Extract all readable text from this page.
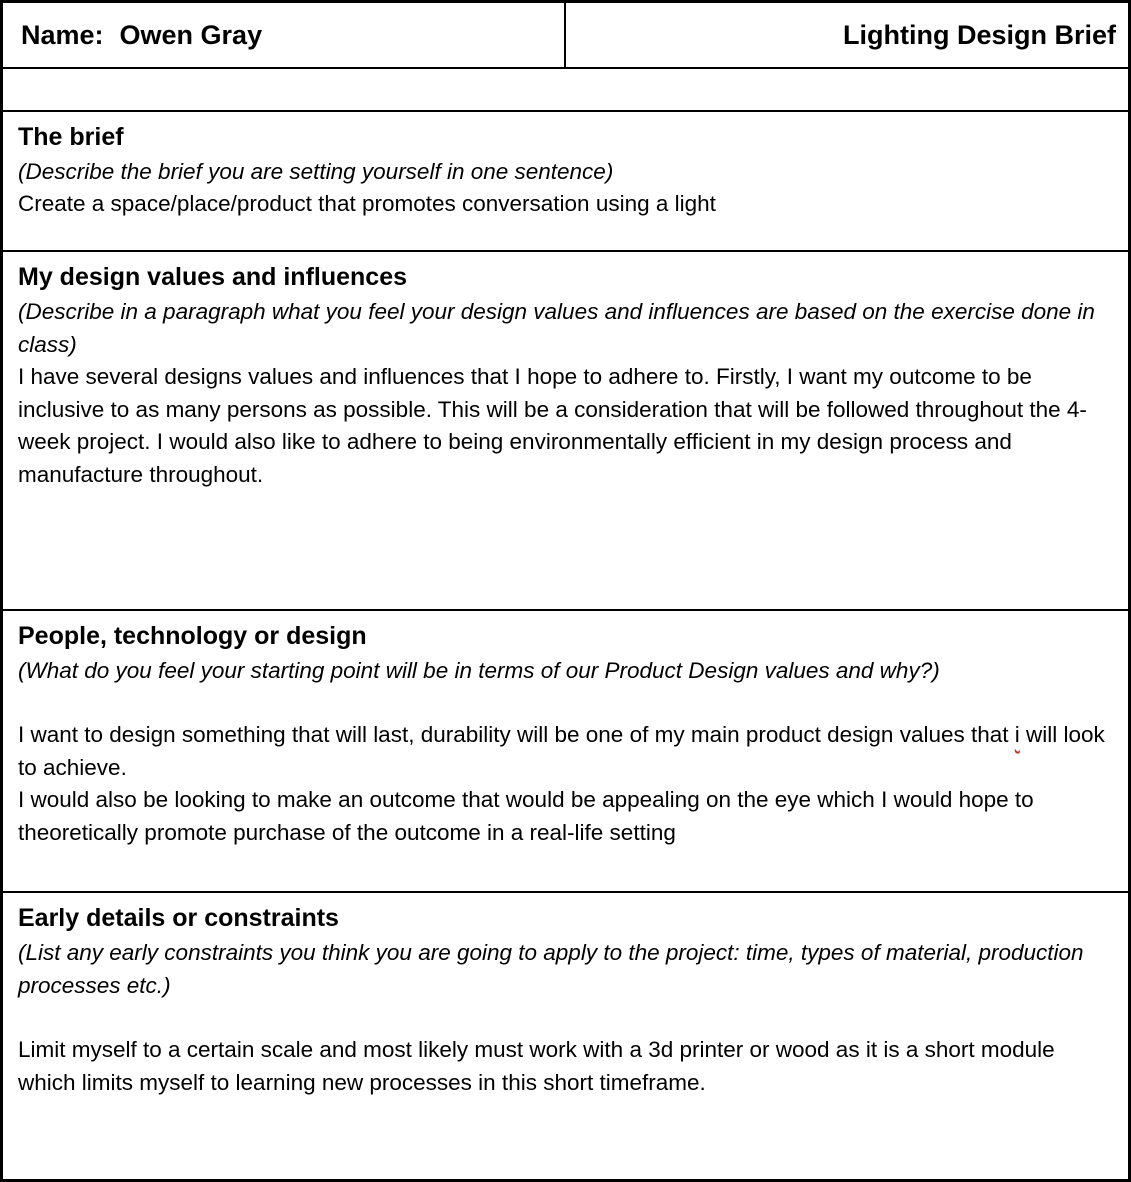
Name: Owen Gray	Lighting Design Brief
The brief
(Describe the brief you are setting yourself in one sentence)
Create a space/place/product that promotes conversation using a light
My design values and influences
(Describe in a paragraph what you feel your design values and influences are based on the exercise done in class)
I have several designs values and influences that I hope to adhere to. Firstly, I want my outcome to be inclusive to as many persons as possible. This will be a consideration that will be followed throughout the 4-week project. I would also like to adhere to being environmentally efficient in my design process and manufacture throughout.
People, technology or design
(What do you feel your starting point will be in terms of our Product Design values and why?)
I want to design something that will last, durability will be one of my main product design values that i will look to achieve.
I would also be looking to make an outcome that would be appealing on the eye which I would hope to theoretically promote purchase of the outcome in a real-life setting
Early details or constraints
(List any early constraints you think you are going to apply to the project: time, types of material, production processes etc.)
Limit myself to a certain scale and most likely must work with a 3d printer or wood as it is a short module which limits myself to learning new processes in this short timeframe.
